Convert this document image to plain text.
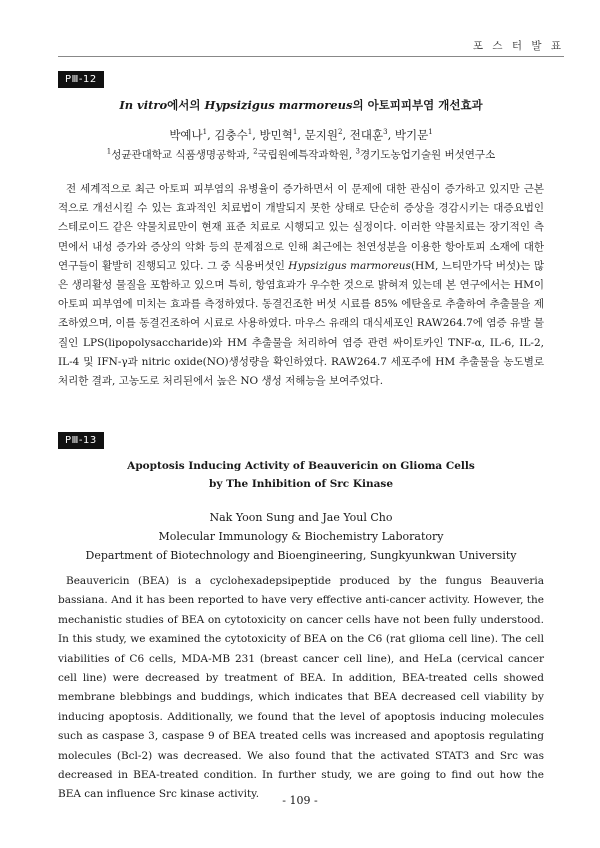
포 스 터 발 표
PⅢ-12
In vitro에서의 Hypsizigus marmoreus의 아토피피부염 개선효과
박예나$^1$, 김충수$^1$, 방민혁$^1$, 문지원$^2$, 전대훈$^3$, 박기문$^1$
$^1$성균관대학교 식품생명공학과, $^2$국립원예특작과학원, $^3$경기도농업기술원 버섯연구소
전 세계적으로 최근 아토피 피부염의 유병율이 증가하면서 이 문제에 대한 관심이 증가하고 있지만 근본적으로 개선시킬 수 있는 효과적인 치료법이 개발되지 못한 상태로 단순히 증상을 경감시키는 대증요법인 스테로이드 같은 약물치료만이 현재 표준 치료로 시행되고 있는 실정이다. 이러한 약물치료는 장기적인 측면에서 내성 증가와 증상의 악화 등의 문제점으로 인해 최근에는 천연성분을 이용한 항아토피 소재에 대한 연구들이 활발히 진행되고 있다. 그 중 식용버섯인 Hypsizigus marmoreus(HM, 느티만가닥 버섯)는 많은 생리활성 물질을 포함하고 있으며 특히, 항염효과가 우수한 것으로 밝혀져 있는데 본 연구에서는 HM이 아토피 피부염에 미치는 효과를 측정하였다. 동결건조한 버섯 시료를 85% 에탄올로 추출하여 추출물을 제조하였으며, 이를 동결건조하여 시료로 사용하였다. 마우스 유래의 대식세포인 RAW264.7에 염증 유발 물질인 LPS(lipopolysaccharide)와 HM 추출물을 처리하여 염증 관련 싸이토카인 TNF-α, IL-6, IL-2, IL-4 및 IFN-γ과 nitric oxide(NO)생성량을 확인하였다. RAW264.7 세포주에 HM 추출물을 농도별로 처리한 결과, 고농도로 처리된에서 높은 NO 생성 저해능을 보여주었다.
PⅢ-13
Apoptosis Inducing Activity of Beauvericin on Glioma Cells
by The Inhibition of Src Kinase
Nak Yoon Sung and Jae Youl Cho
Molecular Immunology & Biochemistry Laboratory
Department of Biotechnology and Bioengineering, Sungkyunkwan University
Beauvericin (BEA) is a cyclohexadepsipeptide produced by the fungus Beauveria bassiana. And it has been reported to have very effective anti-cancer activity. However, the mechanistic studies of BEA on cytotoxicity on cancer cells have not been fully understood. In this study, we examined the cytotoxicity of BEA on the C6 (rat glioma cell line). The cell viabilities of C6 cells, MDA-MB 231 (breast cancer cell line), and HeLa (cervical cancer cell line) were decreased by treatment of BEA. In addition, BEA-treated cells showed membrane blebbings and buddings, which indicates that BEA decreased cell viability by inducing apoptosis. Additionally, we found that the level of apoptosis inducing molecules such as caspase 3, caspase 9 of BEA treated cells was increased and apoptosis regulating molecules (Bcl-2) was decreased. We also found that the activated STAT3 and Src was decreased in BEA-treated condition. In further study, we are going to find out how the BEA can influence Src kinase activity.	- 109 -
